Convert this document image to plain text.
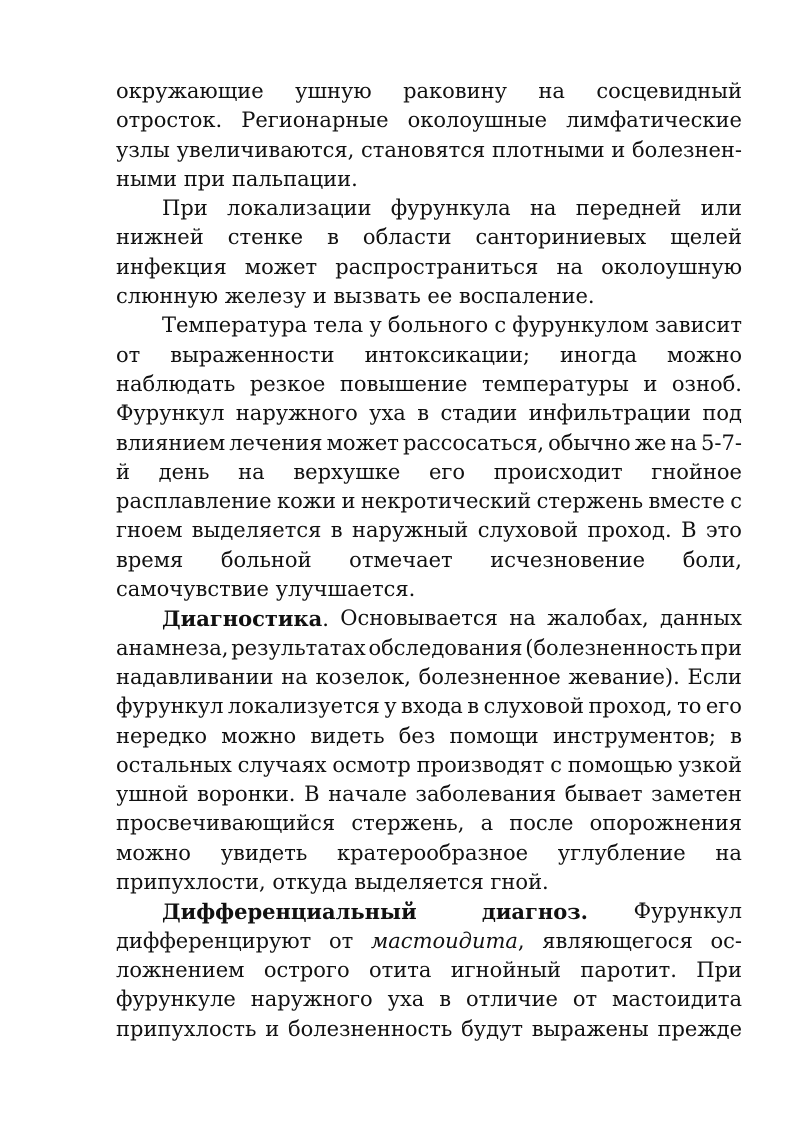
окружающие ушную раковину на сосцевидный
отросток. Регионарные околоушные лимфатические
узлы увеличиваются, становятся плотными и болезнен-
ными при пальпации.
При локализации фурункула на передней или
нижней стенке в области санториниевых щелей
инфекция может распространиться на околоушную
слюнную железу и вызвать ее воспаление.
Температура тела у больного с фурункулом зависит
от выраженности интоксикации; иногда можно
наблюдать резкое повышение температуры и озноб.
Фурункул наружного уха в стадии инфильтрации под
влиянием лечения может рассосаться, обычно же на 5-7-
й день на верхушке его происходит гнойное
расплавление кожи и некротический стержень вместе с
гноем выделяется в наружный слуховой проход. В это
время больной отмечает исчезновение боли,
самочувствие улучшается.
Диагностика. Основывается на жалобах, данных
анамнеза, результатах обследования (болезненность при
надавливании на козелок, болезненное жевание). Если
фурункул локализуется у входа в слуховой проход, то его
нередко можно видеть без помощи инструментов; в
остальных случаях осмотр производят с помощью узкой
ушной воронки. В начале заболевания бывает заметен
просвечивающийся стержень, а после опорожнения
можно увидеть кратерообразное углубление на
припухлости, откуда выделяется гной.
Дифференциальный	диагноз. Фурункул
дифференцируют от мастоидита, являющегося ос-
ложнением острого отита игнойный паротит. При
фурункуле наружного уха в отличие от мастоидита
припухлость и болезненность будут выражены прежде
